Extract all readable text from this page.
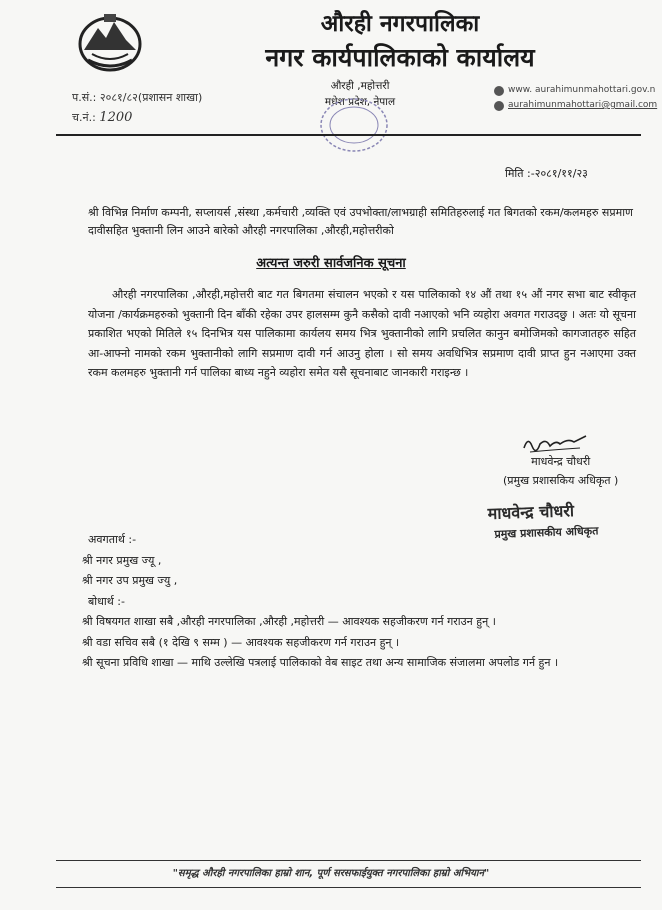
औरही नगरपालिका
नगर कार्यपालिकाको कार्यालय
औरही ,महोत्तरी
मधेश प्रदेश, नेपाल
प.सं.: २०८१/८२(प्रशासन शाखा)
च.नं.: 1200
www. aurahimunmahottari.gov.n
aurahimunmahottari@gmail.com
मिति :-२०८१/११/२३
श्री विभिन्न निर्माण कम्पनी, सप्लायर्स ,संस्था ,कर्मचारी ,व्यक्ति एवं उपभोक्ता/लाभग्राही समितिहरुलाई गत बिगतको रकम/कलमहरु सप्रमाण दावीसहित भुक्तानी लिन आउने बारेको औरही नगरपालिका ,औरही,महोत्तरीको
अत्यन्त जरुरी सार्वजनिक सूचना
औरही नगरपालिका ,औरही,महोत्तरी बाट गत बिगतमा संचालन भएको र यस पालिकाको १४ औं तथा १५ औं नगर सभा बाट स्वीकृत योजना /कार्यक्रमहरुको भुक्तानी दिन बाँकी रहेका उपर हालसम्म कुनै कसैको दावी नआएको भनि व्यहोरा अवगत गराउदछु । अतः यो सूचना प्रकाशित भएको मितिले १५ दिनभित्र यस पालिकामा कार्यलय समय भित्र भुक्तानीको लागि प्रचलित कानुन बमोजिमको कागजातहरु सहित आ-आफ्नो नामको रकम भुक्तानीको लागि सप्रमाण दावी गर्न आउनु होला । सो समय अवधिभित्र सप्रमाण दावी प्राप्त हुन नआएमा उक्त रकम कलमहरु भुक्तानी गर्न पालिका बाध्य नहुने व्यहोरा समेत यसै सूचनाबाट जानकारी गराइन्छ ।
माधवेन्द्र चौधरी
(प्रमुख प्रशासकिय अधिकृत )
माधवेन्द्र चौधरी
प्रमुख प्रशासकीय अधिकृत
अवगतार्थ :-
श्री नगर प्रमुख ज्यू ,
श्री नगर उप प्रमुख ज्यु ,
बोधार्थ :-
श्री विषयगत शाखा सबै ,औरही नगरपालिका ,औरही ,महोत्तरी — आवश्यक सहजीकरण गर्न गराउन हुन् ।
श्री वडा सचिव सबै (१ देखि ९ सम्म ) — आवश्यक सहजीकरण गर्न गराउन हुन् ।
श्री सूचना प्रविधि शाखा — माथि उल्लेखि पत्रलाई पालिकाको वेब साइट तथा अन्य सामाजिक संजालमा अपलोड गर्न हुन ।
"समृद्ध औरही नगरपालिका हाम्रो शान, पूर्ण सरसफाईयुक्त नगरपालिका हाम्रो अभियान"
